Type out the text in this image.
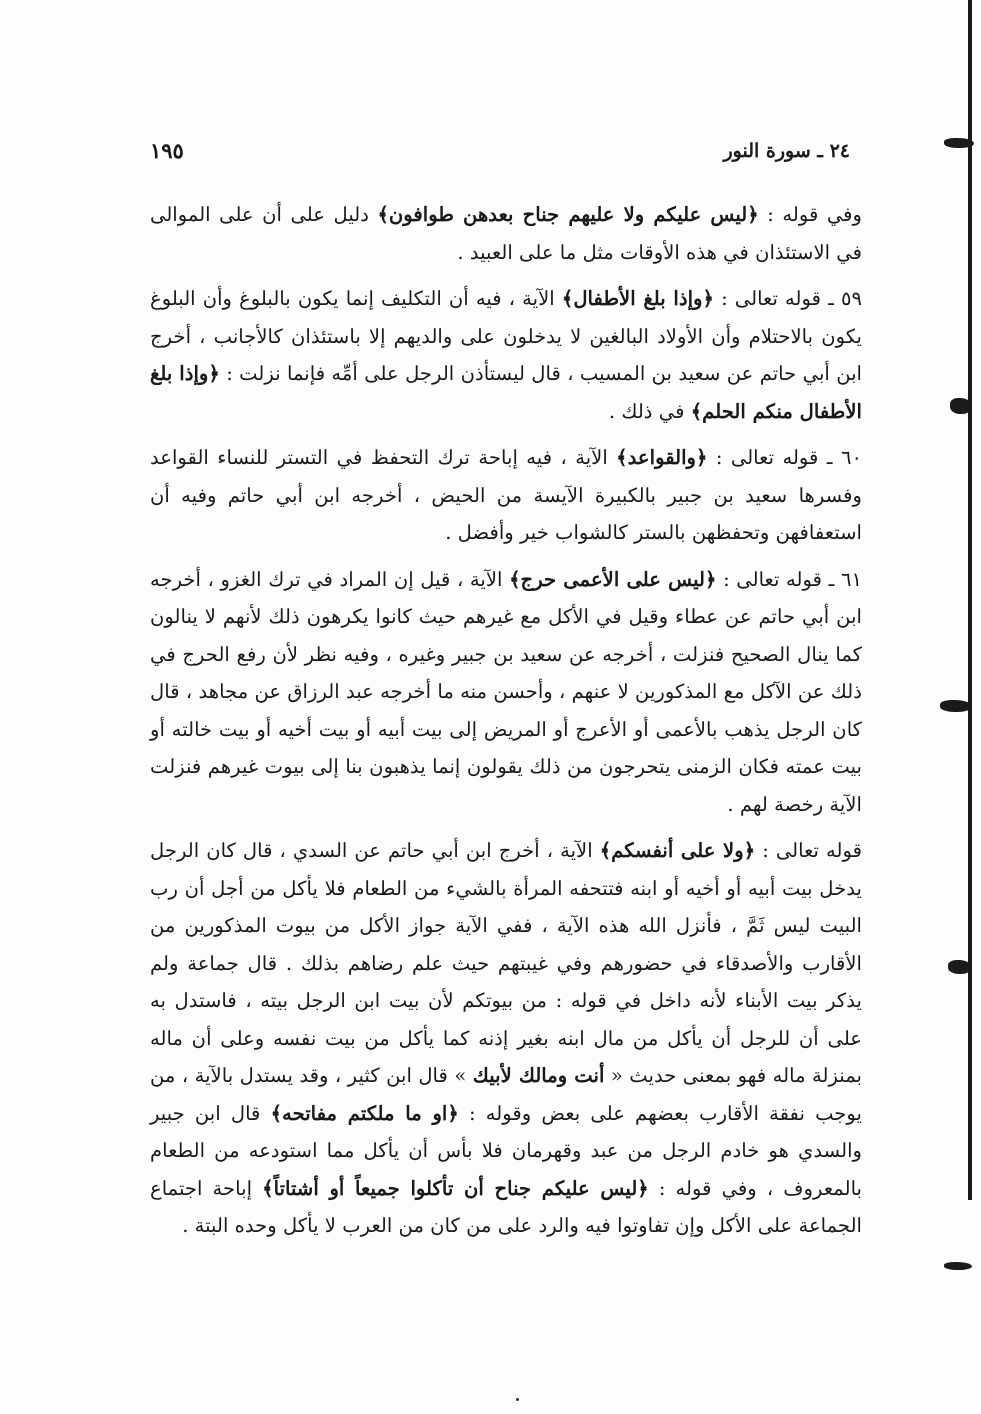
٢٤ ـ سورة النور
١٩٥

وفي قوله : ﴿ليس عليكم ولا عليهم جناح بعدهن طوافون﴾ دليل على أن على الموالى في الاستئذان في هذه الأوقات مثل ما على العبيد .

٥٩ ـ قوله تعالى : ﴿وإذا بلغ الأطفال﴾ الآية ، فيه أن التكليف إنما يكون بالبلوغ وأن البلوغ يكون بالاحتلام وأن الأولاد البالغين لا يدخلون على والديهم إلا باستئذان كالأجانب ، أخرج ابن أبي حاتم عن سعيد بن المسيب ، قال ليستأذن الرجل على أمِّه فإنما نزلت : ﴿وإذا بلغ الأطفال منكم الحلم﴾ في ذلك .

٦٠ ـ قوله تعالى : ﴿والقواعد﴾ الآية ، فيه إباحة ترك التحفظ في التستر للنساء القواعد وفسرها سعيد بن جبير بالكبيرة الآيسة من الحيض ، أخرجه ابن أبي حاتم وفيه أن استعفافهن وتحفظهن بالستر كالشواب خير وأفضل .

٦١ ـ قوله تعالى : ﴿ليس على الأعمى حرج﴾ الآية ، قيل إن المراد في ترك الغزو ، أخرجه ابن أبي حاتم عن عطاء وقيل في الأكل مع غيرهم حيث كانوا يكرهون ذلك لأنهم لا ينالون كما ينال الصحيح فنزلت ، أخرجه عن سعيد بن جبير وغيره ، وفيه نظر لأن رفع الحرج في ذلك عن الآكل مع المذكورين لا عنهم ، وأحسن منه ما أخرجه عبد الرزاق عن مجاهد ، قال كان الرجل يذهب بالأعمى أو الأعرج أو المريض إلى بيت أبيه أو بيت أخيه أو بيت خالته أو بيت عمته فكان الزمنى يتحرجون من ذلك يقولون إنما يذهبون بنا إلى بيوت غيرهم فنزلت الآية رخصة لهم .

قوله تعالى : ﴿ولا على أنفسكم﴾ الآية ، أخرج ابن أبي حاتم عن السدي ، قال كان الرجل يدخل بيت أبيه أو أخيه أو ابنه فتتحفه المرأة بالشيء من الطعام فلا يأكل من أجل أن رب البيت ليس ثَمَّ ، فأنزل الله هذه الآية ، ففي الآية جواز الأكل من بيوت المذكورين من الأقارب والأصدقاء في حضورهم وفي غيبتهم حيث علم رضاهم بذلك . قال جماعة ولم يذكر بيت الأبناء لأنه داخل في قوله : من بيوتكم لأن بيت ابن الرجل بيته ، فاستدل به على أن للرجل أن يأكل من مال ابنه بغير إذنه كما يأكل من بيت نفسه وعلى أن ماله بمنزلة ماله فهو بمعنى حديث « أنت ومالك لأبيك » قال ابن كثير ، وقد يستدل بالآية ، من يوجب نفقة الأقارب بعضهم على بعض وقوله : ﴿او ما ملكتم مفاتحه﴾ قال ابن جبير والسدي هو خادم الرجل من عبد وقهرمان فلا بأس أن يأكل مما استودعه من الطعام بالمعروف ، وفي قوله : ﴿ليس عليكم جناح أن تأكلوا جميعاً أو أشتاتاً﴾ إباحة اجتماع الجماعة على الأكل وإن تفاوتوا فيه والرد على من كان من العرب لا يأكل وحده البتة .
